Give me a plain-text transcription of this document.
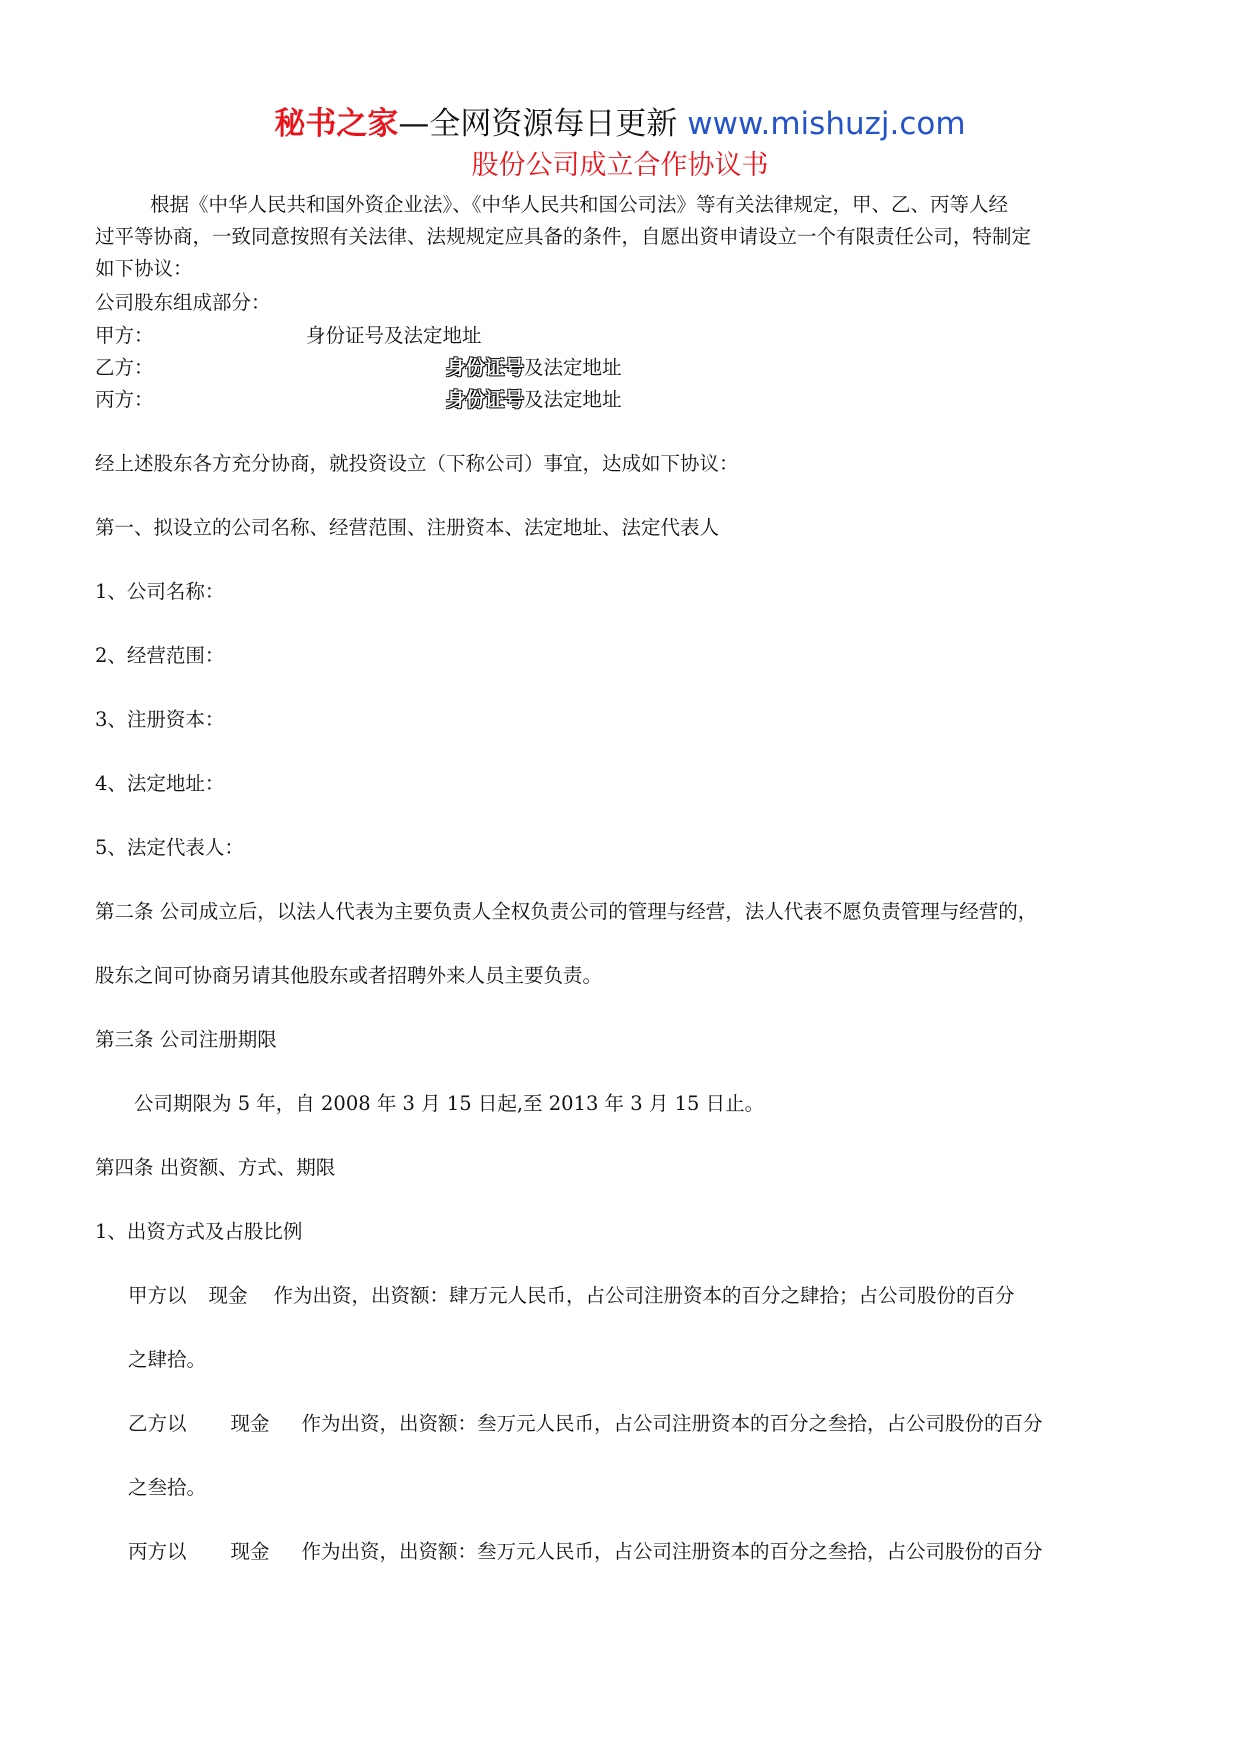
秘书之家—全网资源每日更新 www.mishuzj.com
股份公司成立合作协议书
根据《中华人民共和国外资企业法》、《中华人民共和国公司法》等有关法律规定，甲、乙、丙等人经
过平等协商，一致同意按照有关法律、法规规定应具备的条件，自愿出资申请设立一个有限责任公司，特制定
如下协议：
公司股东组成部分：
甲方：	身份证号及法定地址
乙方：	身份证号及法定地址
丙方：	身份证号及法定地址
经上述股东各方充分协商，就投资设立（下称公司）事宜，达成如下协议：
第一、拟设立的公司名称、经营范围、注册资本、法定地址、法定代表人
1、公司名称：
2、经营范围：
3、注册资本：
4、法定地址：
5、法定代表人：
第二条 公司成立后，以法人代表为主要负责人全权负责公司的管理与经营，法人代表不愿负责管理与经营的，
股东之间可协商另请其他股东或者招聘外来人员主要负责。
第三条 公司注册期限
公司期限为 5 年，自 2008 年 3 月 15 日起,至 2013 年 3 月 15 日止。
第四条 出资额、方式、期限
1、出资方式及占股比例
甲方以 现金 作为出资，出资额：肆万元人民币，占公司注册资本的百分之肆拾；占公司股份的百分
之肆拾。
乙方以 现金 作为出资，出资额：叁万元人民币，占公司注册资本的百分之叁拾，占公司股份的百分
之叁拾。
丙方以 现金 作为出资，出资额：叁万元人民币，占公司注册资本的百分之叁拾，占公司股份的百分
